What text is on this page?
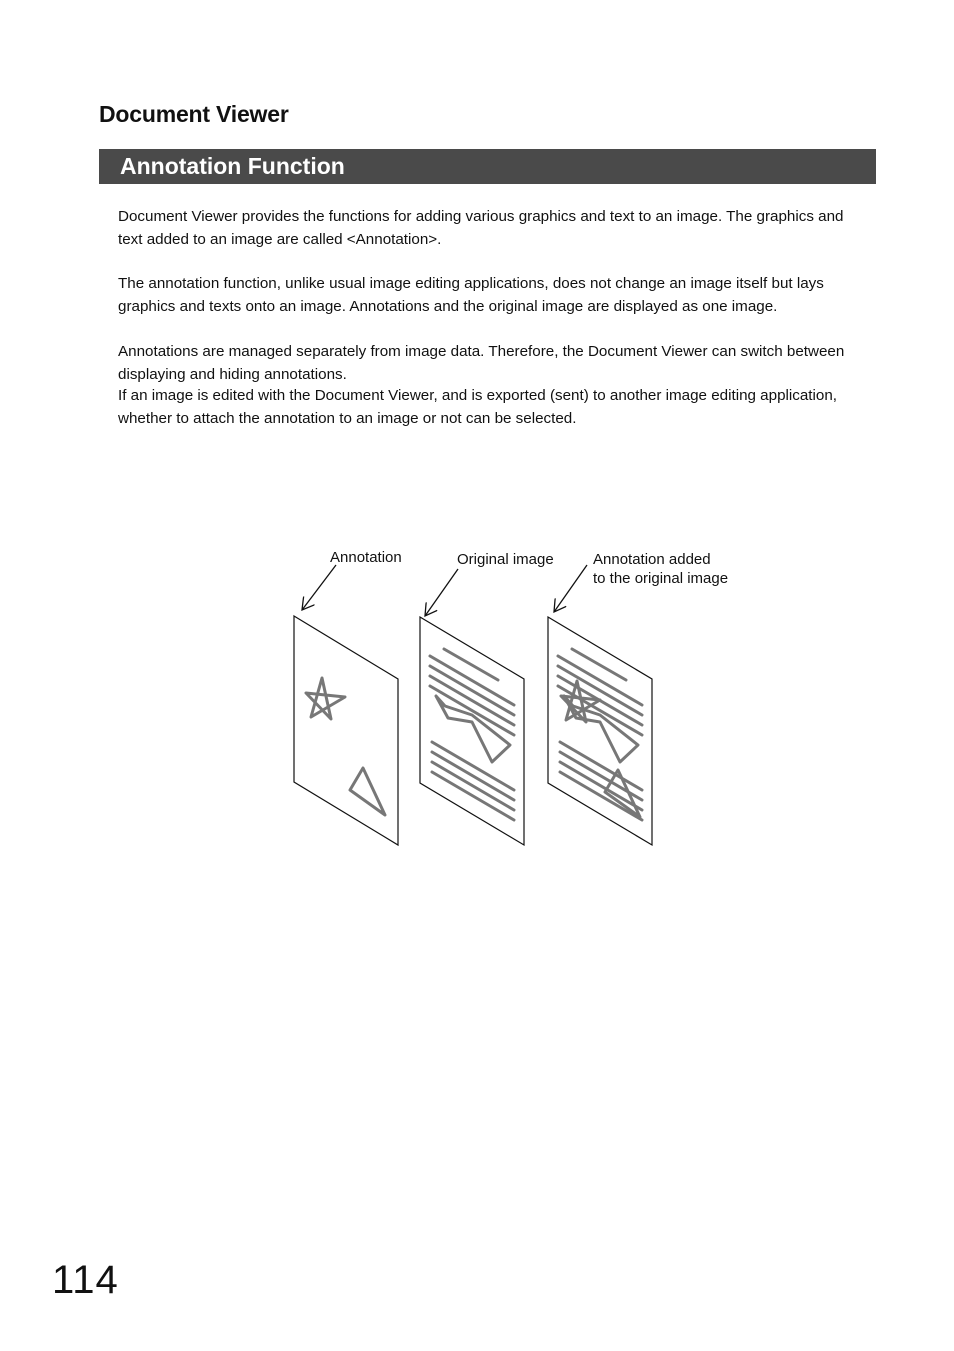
Document Viewer
Annotation Function

Document Viewer provides the functions for adding various graphics and text to an image. The graphics and text added to an image are called <Annotation>.

The annotation function, unlike usual image editing applications, does not change an image itself but lays graphics and texts onto an image. Annotations and the original image are displayed as one image.

Annotations are managed separately from image data. Therefore, the Document Viewer can switch between displaying and hiding annotations.

If an image is edited with the Document Viewer, and is exported (sent) to another image editing application, whether to attach the annotation to an image or not can be selected.

Annotation	Original image	Annotation added
to the original image

114
